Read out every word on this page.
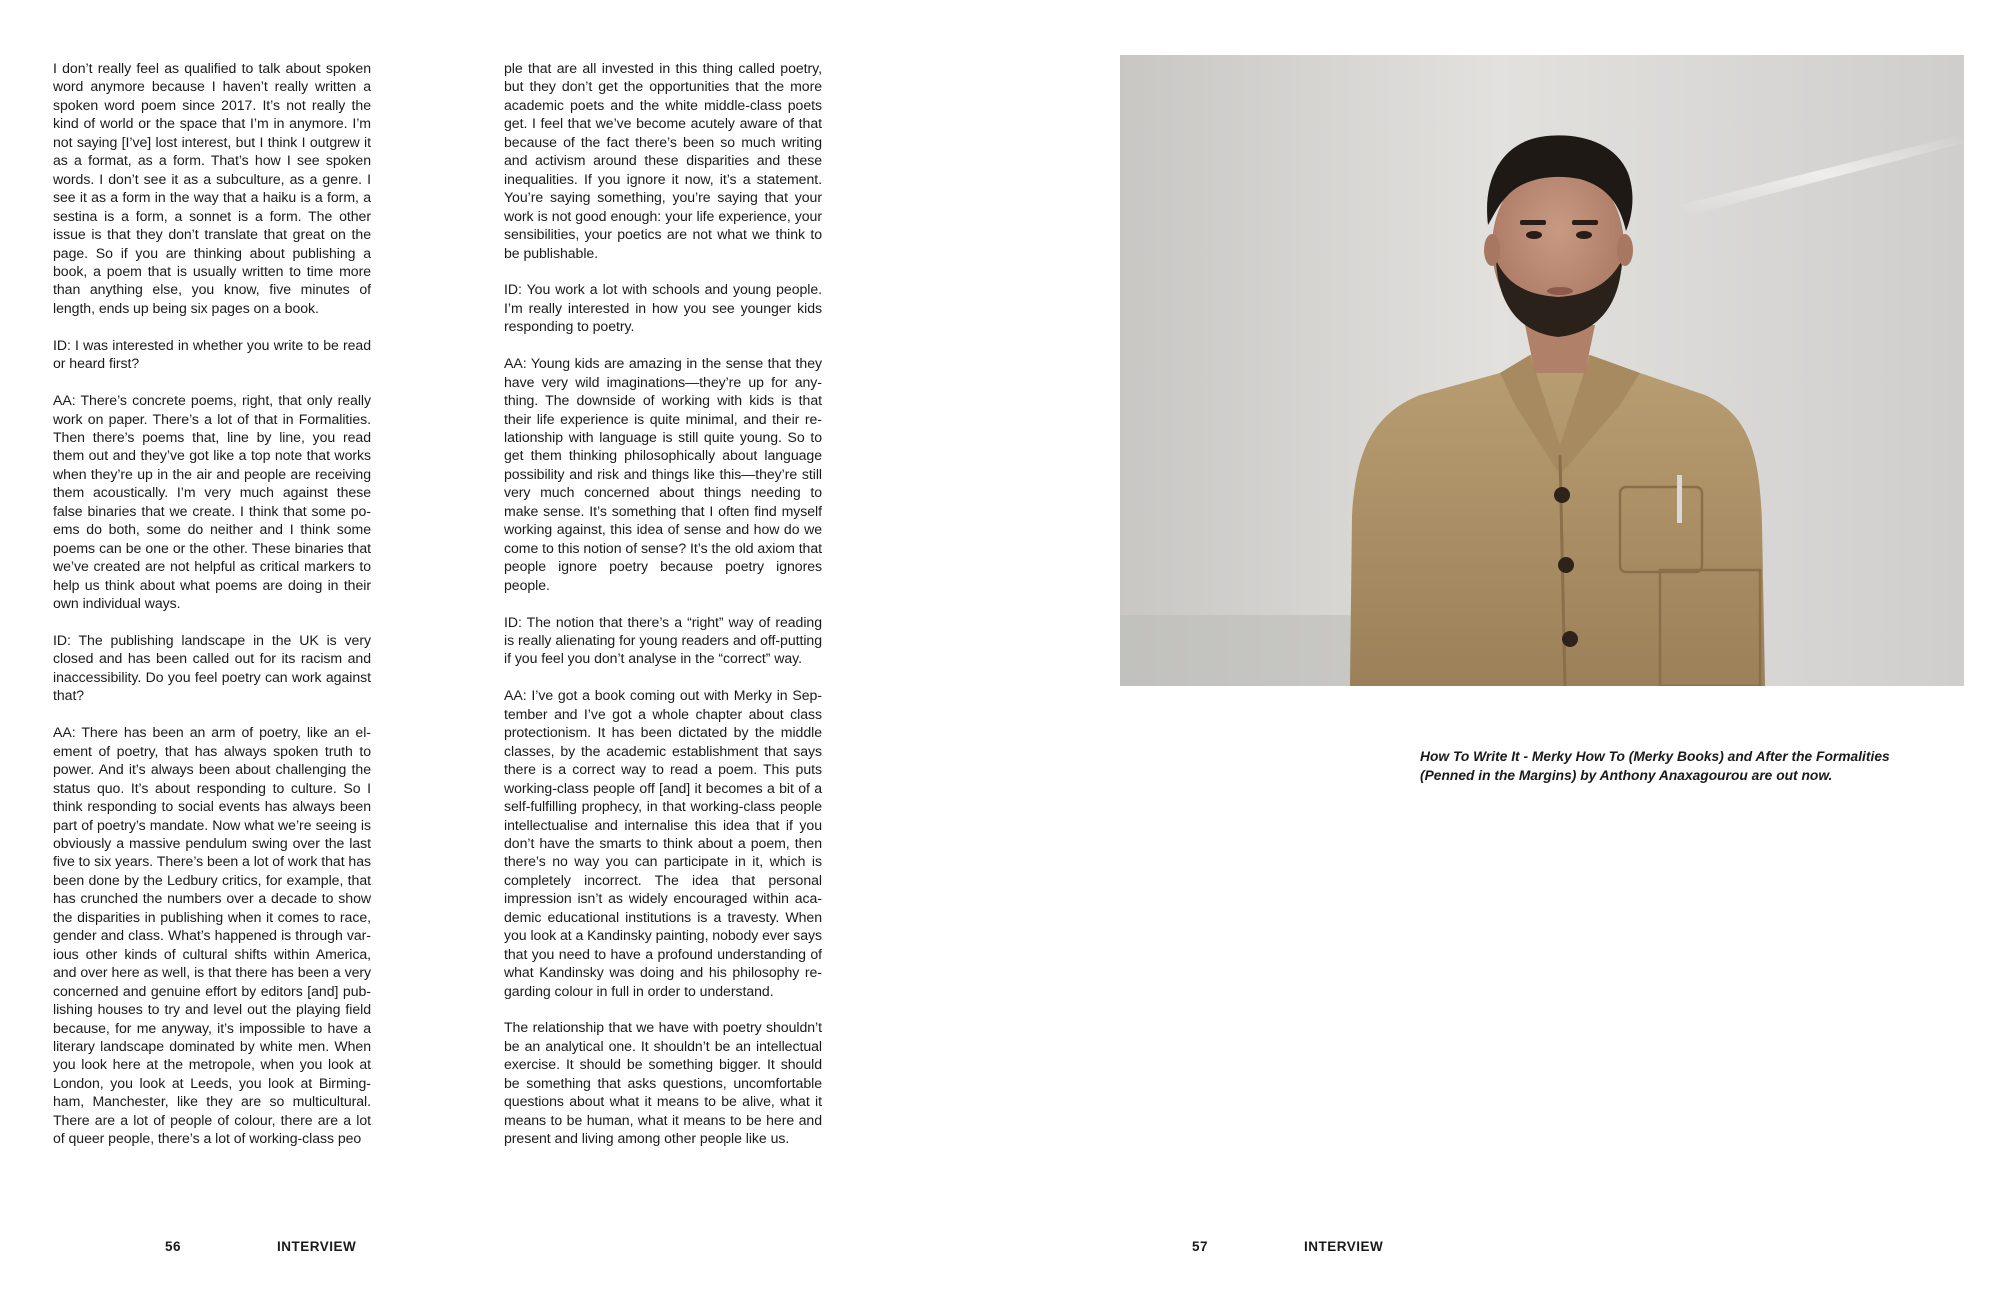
I don’t really feel as qualified to talk about spoken word anymore because I haven’t really written a spoken word poem since 2017. It’s not really the kind of world or the space that I’m in anymore. I’m not saying [I’ve] lost interest, but I think I outgrew it as a format, as a form. That’s how I see spoken words. I don’t see it as a subculture, as a genre. I see it as a form in the way that a haiku is a form, a sestina is a form, a sonnet is a form. The other issue is that they don’t translate that great on the page. So if you are thinking about publishing a book, a poem that is usually written to time more than anything else, you know, five minutes of length, ends up being six pages on a book.

ID: I was interested in whether you write to be read or heard first?

AA: There’s concrete poems, right, that only really work on paper. There’s a lot of that in Formalities. Then there’s poems that, line by line, you read them out and they’ve got like a top note that works when they’re up in the air and people are receiving them acoustically. I’m very much against these false binaries that we create. I think that some poems do both, some do neither and I think some poems can be one or the other. These binaries that we’ve created are not helpful as critical markers to help us think about what poems are doing in their own individual ways.

ID: The publishing landscape in the UK is very closed and has been called out for its racism and inaccessibility. Do you feel poetry can work against that?

AA: There has been an arm of poetry, like an element of poetry, that has always spoken truth to power. And it’s always been about challenging the status quo. It’s about responding to culture. So I think responding to social events has always been part of poetry’s mandate. Now what we’re seeing is obviously a massive pendulum swing over the last five to six years. There’s been a lot of work that has been done by the Ledbury critics, for example, that has crunched the numbers over a decade to show the disparities in publishing when it comes to race, gender and class. What’s happened is through various other kinds of cultural shifts within America, and over here as well, is that there has been a very concerned and genuine effort by editors [and] publishing houses to try and level out the playing field because, for me anyway, it’s impossible to have a literary landscape dominated by white men. When you look here at the metropole, when you look at London, you look at Leeds, you look at Birmingham, Manchester, like they are so multicultural. There are a lot of people of colour, there are a lot of queer people, there’s a lot of working-class peo

ple that are all invested in this thing called poetry, but they don’t get the opportunities that the more academic poets and the white middle-class poets get. I feel that we’ve become acutely aware of that because of the fact there’s been so much writing and activism around these disparities and these inequalities. If you ignore it now, it’s a statement. You’re saying something, you’re saying that your work is not good enough: your life experience, your sensibilities, your poetics are not what we think to be publishable.

ID: You work a lot with schools and young people. I’m really interested in how you see younger kids responding to poetry.

AA: Young kids are amazing in the sense that they have very wild imaginations—they’re up for anything. The downside of working with kids is that their life experience is quite minimal, and their relationship with language is still quite young. So to get them thinking philosophically about language possibility and risk and things like this—they’re still very much concerned about things needing to make sense. It’s something that I often find myself working against, this idea of sense and how do we come to this notion of sense? It’s the old axiom that people ignore poetry because poetry ignores people.

ID: The notion that there’s a “right” way of reading is really alienating for young readers and off-putting if you feel you don’t analyse in the “correct” way.

AA: I’ve got a book coming out with Merky in September and I’ve got a whole chapter about class protectionism. It has been dictated by the middle classes, by the academic establishment that says there is a correct way to read a poem. This puts working-class people off [and] it becomes a bit of a self-fulfilling prophecy, in that working-class people intellectualise and internalise this idea that if you don’t have the smarts to think about a poem, then there’s no way you can participate in it, which is completely incorrect. The idea that personal impression isn’t as widely encouraged within academic educational institutions is a travesty. When you look at a Kandinsky painting, nobody ever says that you need to have a profound understanding of what Kandinsky was doing and his philosophy regarding colour in full in order to understand.

The relationship that we have with poetry shouldn’t be an analytical one. It shouldn’t be an intellectual exercise. It should be something bigger. It should be something that asks questions, uncomfortable questions about what it means to be alive, what it means to be human, what it means to be here and present and living among other people like us.

56	INTERVIEW
How To Write It - Merky How To (Merky Books) and After the Formalities (Penned in the Margins) by Anthony Anaxagourou are out now.
57	INTERVIEW
